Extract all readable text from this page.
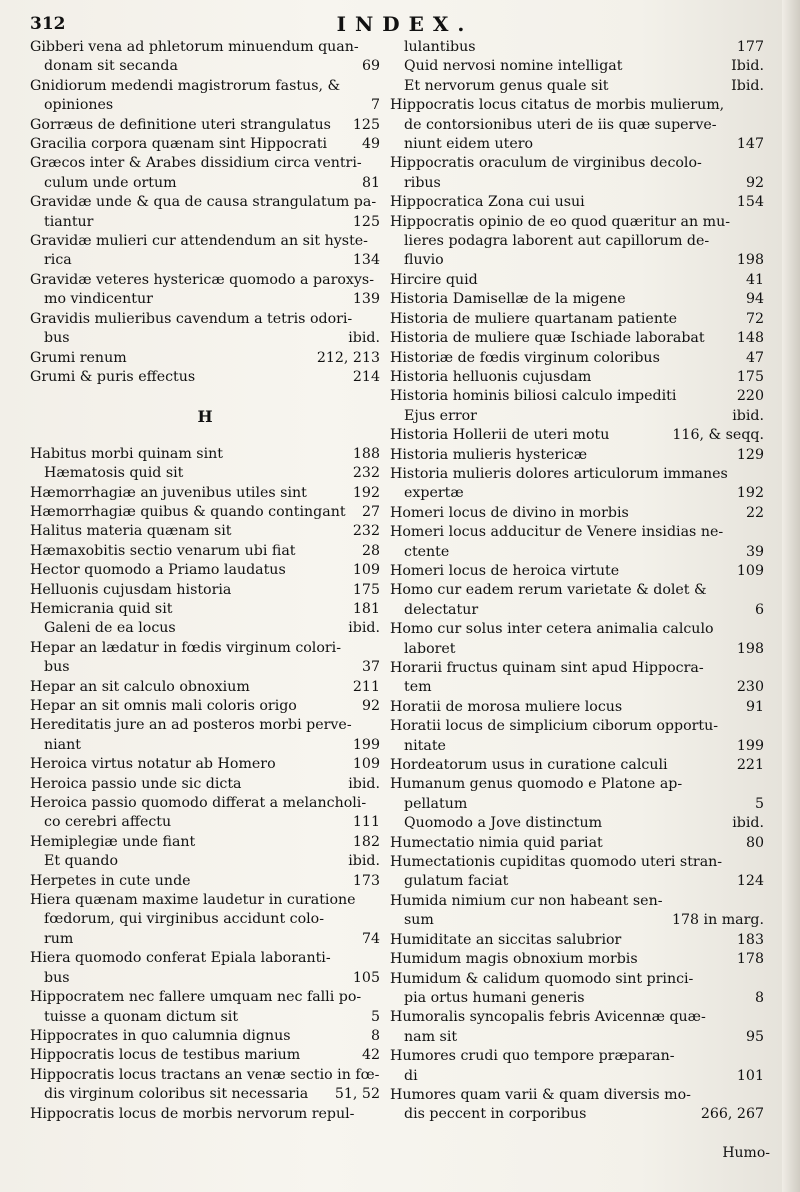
312	INDEX.
Gibberi vena ad phletorum minuendum quan-
donam sit secanda	69
Gnidiorum medendi magistrorum fastus, &
opiniones	7
Gorræus de definitione uteri strangulatus	125
Gracilia corpora quænam sint Hippocrati	49
Græcos inter & Arabes dissidium circa ventri-
culum unde ortum	81
Gravidæ unde & qua de causa strangulatum pa-
tiantur	125
Gravidæ mulieri cur attendendum an sit hyste-
rica	134
Gravidæ veteres hystericæ quomodo a paroxys-
mo vindicentur	139
Gravidis mulieribus cavendum a tetris odori-
bus	ibid.
Grumi renum	212, 213
Grumi & puris effectus	214
H
Habitus morbi quinam sint	188
Hæmatosis quid sit	232
Hæmorrhagiæ an juvenibus utiles sint	192
Hæmorrhagiæ quibus & quando contingant	27
Halitus materia quænam sit	232
Hæmaxobitis sectio venarum ubi fiat	28
Hector quomodo a Priamo laudatus	109
Helluonis cujusdam historia	175
Hemicrania quid sit	181
Galeni de ea locus	ibid.
Hepar an lædatur in fœdis virginum colori-
bus	37
Hepar an sit calculo obnoxium	211
Hepar an sit omnis mali coloris origo	92
Hereditatis jure an ad posteros morbi perve-
niant	199
Heroica virtus notatur ab Homero	109
Heroica passio unde sic dicta	ibid.
Heroica passio quomodo differat a melancholi-
co cerebri affectu	111
Hemiplegiæ unde fiant	182
Et quando	ibid.
Herpetes in cute unde	173
Hiera quænam maxime laudetur in curatione
fœdorum, qui virginibus accidunt colo-
rum	74
Hiera quomodo conferat Epiala laboranti-
bus	105
Hippocratem nec fallere umquam nec falli po-
tuisse a quonam dictum sit	5
Hippocrates in quo calumnia dignus	8
Hippocratis locus de testibus marium	42
Hippocratis locus tractans an venæ sectio in fœ-
dis virginum coloribus sit necessaria	51, 52
Hippocratis locus de morbis nervorum repul-
lulantibus	177
Quid nervosi nomine intelligat	Ibid.
Et nervorum genus quale sit	Ibid.
Hippocratis locus citatus de morbis mulierum,
de contorsionibus uteri de iis quæ superve-
niunt eidem utero	147
Hippocratis oraculum de virginibus decolo-
ribus	92
Hippocratica Zona cui usui	154
Hippocratis opinio de eo quod quæritur an mu-
lieres podagra laborent aut capillorum de-
fluvio	198
Hircire quid	41
Historia Damisellæ de la migene	94
Historia de muliere quartanam patiente	72
Historia de muliere quæ Ischiade laborabat	148
Historiæ de fœdis virginum coloribus	47
Historia helluonis cujusdam	175
Historia hominis biliosi calculo impediti	220
Ejus error	ibid.
Historia Hollerii de uteri motu	116, & seqq.
Historia mulieris hystericæ	129
Historia mulieris dolores articulorum immanes
expertæ	192
Homeri locus de divino in morbis	22
Homeri locus adducitur de Venere insidias ne-
ctente	39
Homeri locus de heroica virtute	109
Homo cur eadem rerum varietate & dolet &
delectatur	6
Homo cur solus inter cetera animalia calculo
laboret	198
Horarii fructus quinam sint apud Hippocra-
tem	230
Horatii de morosa muliere locus	91
Horatii locus de simplicium ciborum opportu-
nitate	199
Hordeatorum usus in curatione calculi	221
Humanum genus quomodo e Platone ap-
pellatum	5
Quomodo a Jove distinctum	ibid.
Humectatio nimia quid pariat	80
Humectationis cupiditas quomodo uteri stran-
gulatum faciat	124
Humida nimium cur non habeant sen-
sum	178 in marg.
Humiditate an siccitas salubrior	183
Humidum magis obnoxium morbis	178
Humidum & calidum quomodo sint princi-
pia ortus humani generis	8
Humoralis syncopalis febris Avicennæ quæ-
nam sit	95
Humores crudi quo tempore præparan-
di	101
Humores quam varii & quam diversis mo-
dis peccent in corporibus	266, 267
Humo-
